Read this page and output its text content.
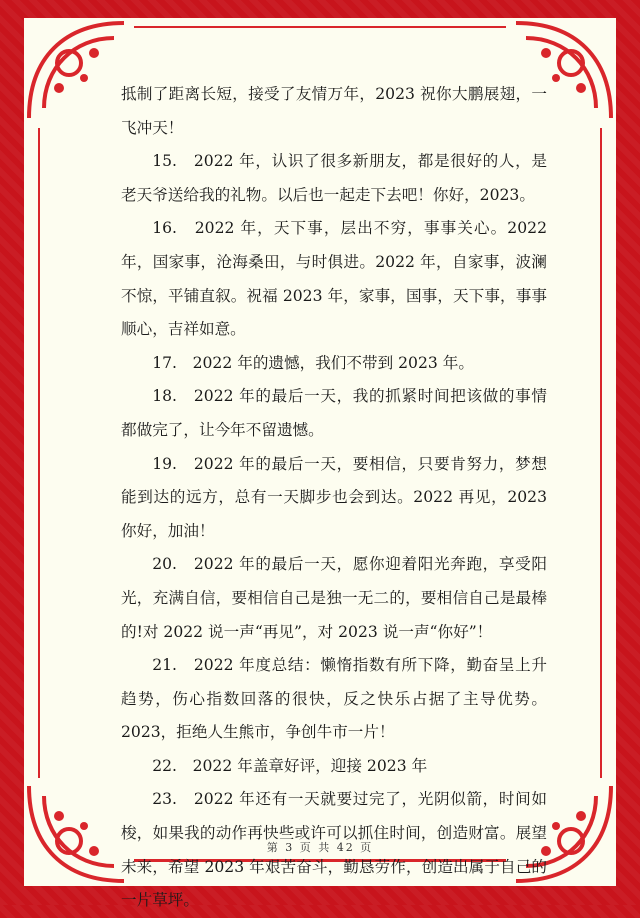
抵制了距离长短，接受了友情万年，2023 祝你大鹏展翅，一飞冲天！

15.　2022 年，认识了很多新朋友，都是很好的人，是老天爷送给我的礼物。以后也一起走下去吧！你好，2023。

16.　2022 年，天下事，层出不穷，事事关心。2022 年，国家事，沧海桑田，与时俱进。2022 年，自家事，波澜不惊，平铺直叙。祝福 2023 年，家事，国事，天下事，事事顺心，吉祥如意。

17.　2022 年的遗憾，我们不带到 2023 年。

18.　2022 年的最后一天，我的抓紧时间把该做的事情都做完了，让今年不留遗憾。

19.　2022 年的最后一天，要相信，只要肯努力，梦想能到达的远方，总有一天脚步也会到达。2022 再见，2023 你好，加油！

20.　2022 年的最后一天，愿你迎着阳光奔跑，享受阳光，充满自信，要相信自己是独一无二的，要相信自己是最棒的!对 2022 说一声“再见”，对 2023 说一声“你好”！

21.　2022 年度总结：懒惰指数有所下降，勤奋呈上升趋势，伤心指数回落的很快，反之快乐占据了主导优势。2023，拒绝人生熊市，争创牛市一片！

22.　2022 年盖章好评，迎接 2023 年

23.　2022 年还有一天就要过完了，光阴似箭，时间如梭，如果我的动作再快些或许可以抓住时间，创造财富。展望未来，希望 2023 年艰苦奋斗，勤恳劳作，创造出属于自己的一片草坪。

第 3 页 共 42 页
